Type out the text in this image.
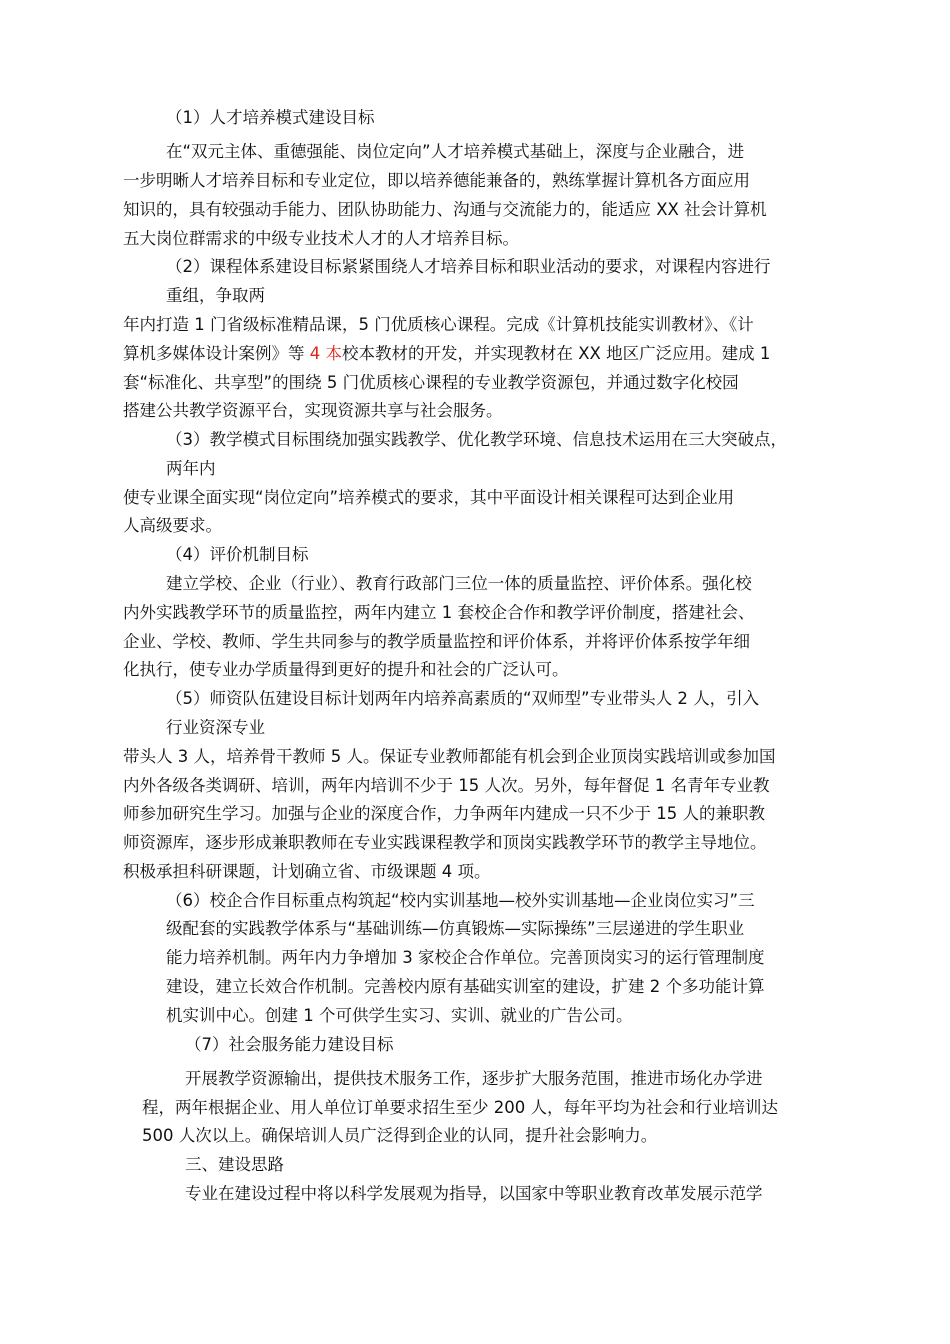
（1）人才培养模式建设目标
在“双元主体、重德强能、岗位定向”人才培养模式基础上，深度与企业融合，进
一步明晰人才培养目标和专业定位，即以培养德能兼备的，熟练掌握计算机各方面应用
知识的，具有较强动手能力、团队协助能力、沟通与交流能力的，能适应 XX 社会计算机
五大岗位群需求的中级专业技术人才的人才培养目标。
（2）课程体系建设目标紧紧围绕人才培养目标和职业活动的要求，对课程内容进行
重组，争取两
年内打造 1 门省级标准精品课，5 门优质核心课程。完成《计算机技能实训教材》、《计
算机多媒体设计案例》等 4 本校本教材的开发，并实现教材在 XX 地区广泛应用。建成 1
套“标准化、共享型”的围绕 5 门优质核心课程的专业教学资源包，并通过数字化校园
搭建公共教学资源平台，实现资源共享与社会服务。
（3）教学模式目标围绕加强实践教学、优化教学环境、信息技术运用在三大突破点，
两年内
使专业课全面实现“岗位定向”培养模式的要求，其中平面设计相关课程可达到企业用
人高级要求。
（4）评价机制目标
建立学校、企业（行业）、教育行政部门三位一体的质量监控、评价体系。强化校
内外实践教学环节的质量监控，两年内建立 1 套校企合作和教学评价制度，搭建社会、
企业、学校、教师、学生共同参与的教学质量监控和评价体系，并将评价体系按学年细
化执行，使专业办学质量得到更好的提升和社会的广泛认可。
（5）师资队伍建设目标计划两年内培养高素质的“双师型”专业带头人 2 人，引入
行业资深专业
带头人 3 人，培养骨干教师 5 人。保证专业教师都能有机会到企业顶岗实践培训或参加国
内外各级各类调研、培训，两年内培训不少于 15 人次。另外，每年督促 1 名青年专业教
师参加研究生学习。加强与企业的深度合作，力争两年内建成一只不少于 15 人的兼职教
师资源库，逐步形成兼职教师在专业实践课程教学和顶岗实践教学环节的教学主导地位。
积极承担科研课题，计划确立省、市级课题 4 项。
（6）校企合作目标重点构筑起“校内实训基地—校外实训基地—企业岗位实习”三
级配套的实践教学体系与“基础训练—仿真锻炼—实际操练”三层递进的学生职业
能力培养机制。两年内力争增加 3 家校企合作单位。完善顶岗实习的运行管理制度
建设，建立长效合作机制。完善校内原有基础实训室的建设，扩建 2 个多功能计算
机实训中心。创建 1 个可供学生实习、实训、就业的广告公司。
（7）社会服务能力建设目标
开展教学资源输出，提供技术服务工作，逐步扩大服务范围，推进市场化办学进
程，两年根据企业、用人单位订单要求招生至少 200 人，每年平均为社会和行业培训达
500 人次以上。确保培训人员广泛得到企业的认同，提升社会影响力。
三、建设思路
专业在建设过程中将以科学发展观为指导，以国家中等职业教育改革发展示范学
